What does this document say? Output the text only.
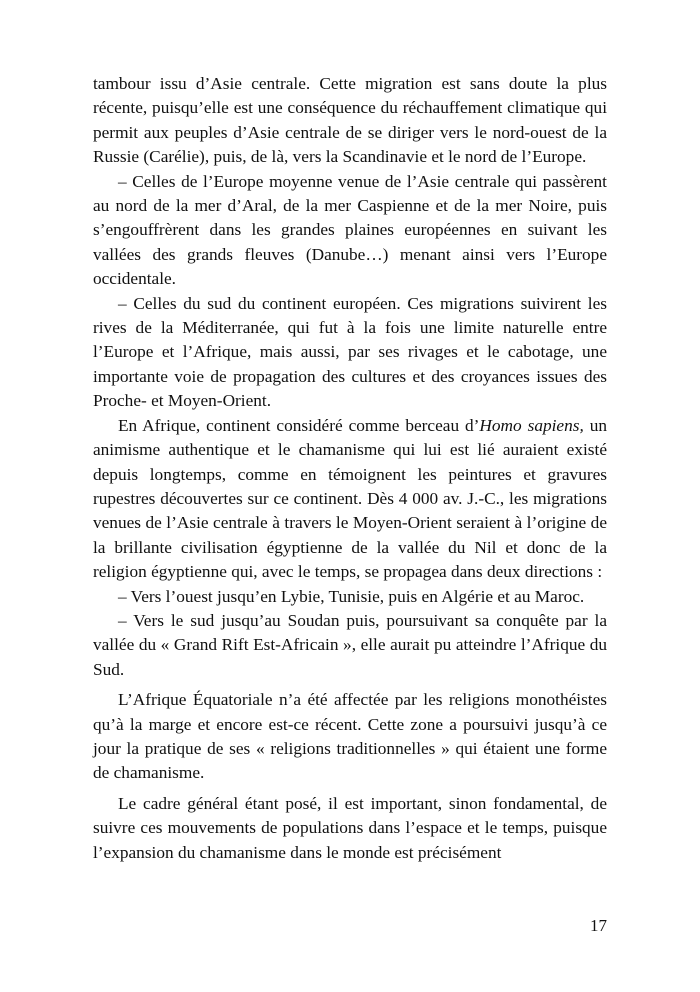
tambour issu d’Asie centrale. Cette migration est sans doute la plus récente, puisqu’elle est une conséquence du réchauffement climatique qui permit aux peuples d’Asie centrale de se diriger vers le nord-ouest de la Russie (Carélie), puis, de là, vers la Scandinavie et le nord de l’Europe.

– Celles de l’Europe moyenne venue de l’Asie centrale qui passèrent au nord de la mer d’Aral, de la mer Caspienne et de la mer Noire, puis s’engouffrèrent dans les grandes plaines européennes en suivant les vallées des grands fleuves (Danube…) menant ainsi vers l’Europe occidentale.

– Celles du sud du continent européen. Ces migrations suivirent les rives de la Méditerranée, qui fut à la fois une limite naturelle entre l’Europe et l’Afrique, mais aussi, par ses rivages et le cabotage, une importante voie de propagation des cultures et des croyances issues des Proche- et Moyen-Orient.

En Afrique, continent considéré comme berceau d’Homo sapiens, un animisme authentique et le chamanisme qui lui est lié auraient existé depuis longtemps, comme en témoignent les peintures et gravures rupestres découvertes sur ce continent. Dès 4 000 av. J.-C., les migrations venues de l’Asie centrale à travers le Moyen-Orient seraient à l’origine de la brillante civilisation égyptienne de la vallée du Nil et donc de la religion égyptienne qui, avec le temps, se propagea dans deux directions :

– Vers l’ouest jusqu’en Lybie, Tunisie, puis en Algérie et au Maroc.

– Vers le sud jusqu’au Soudan puis, poursuivant sa conquête par la vallée du « Grand Rift Est-Africain », elle aurait pu atteindre l’Afrique du Sud.

L’Afrique Équatoriale n’a été affectée par les religions monothéistes qu’à la marge et encore est-ce récent. Cette zone a poursuivi jusqu’à ce jour la pratique de ses « religions traditionnelles » qui étaient une forme de chamanisme.

Le cadre général étant posé, il est important, sinon fondamental, de suivre ces mouvements de populations dans l’espace et le temps, puisque l’expansion du chamanisme dans le monde est précisément

17
